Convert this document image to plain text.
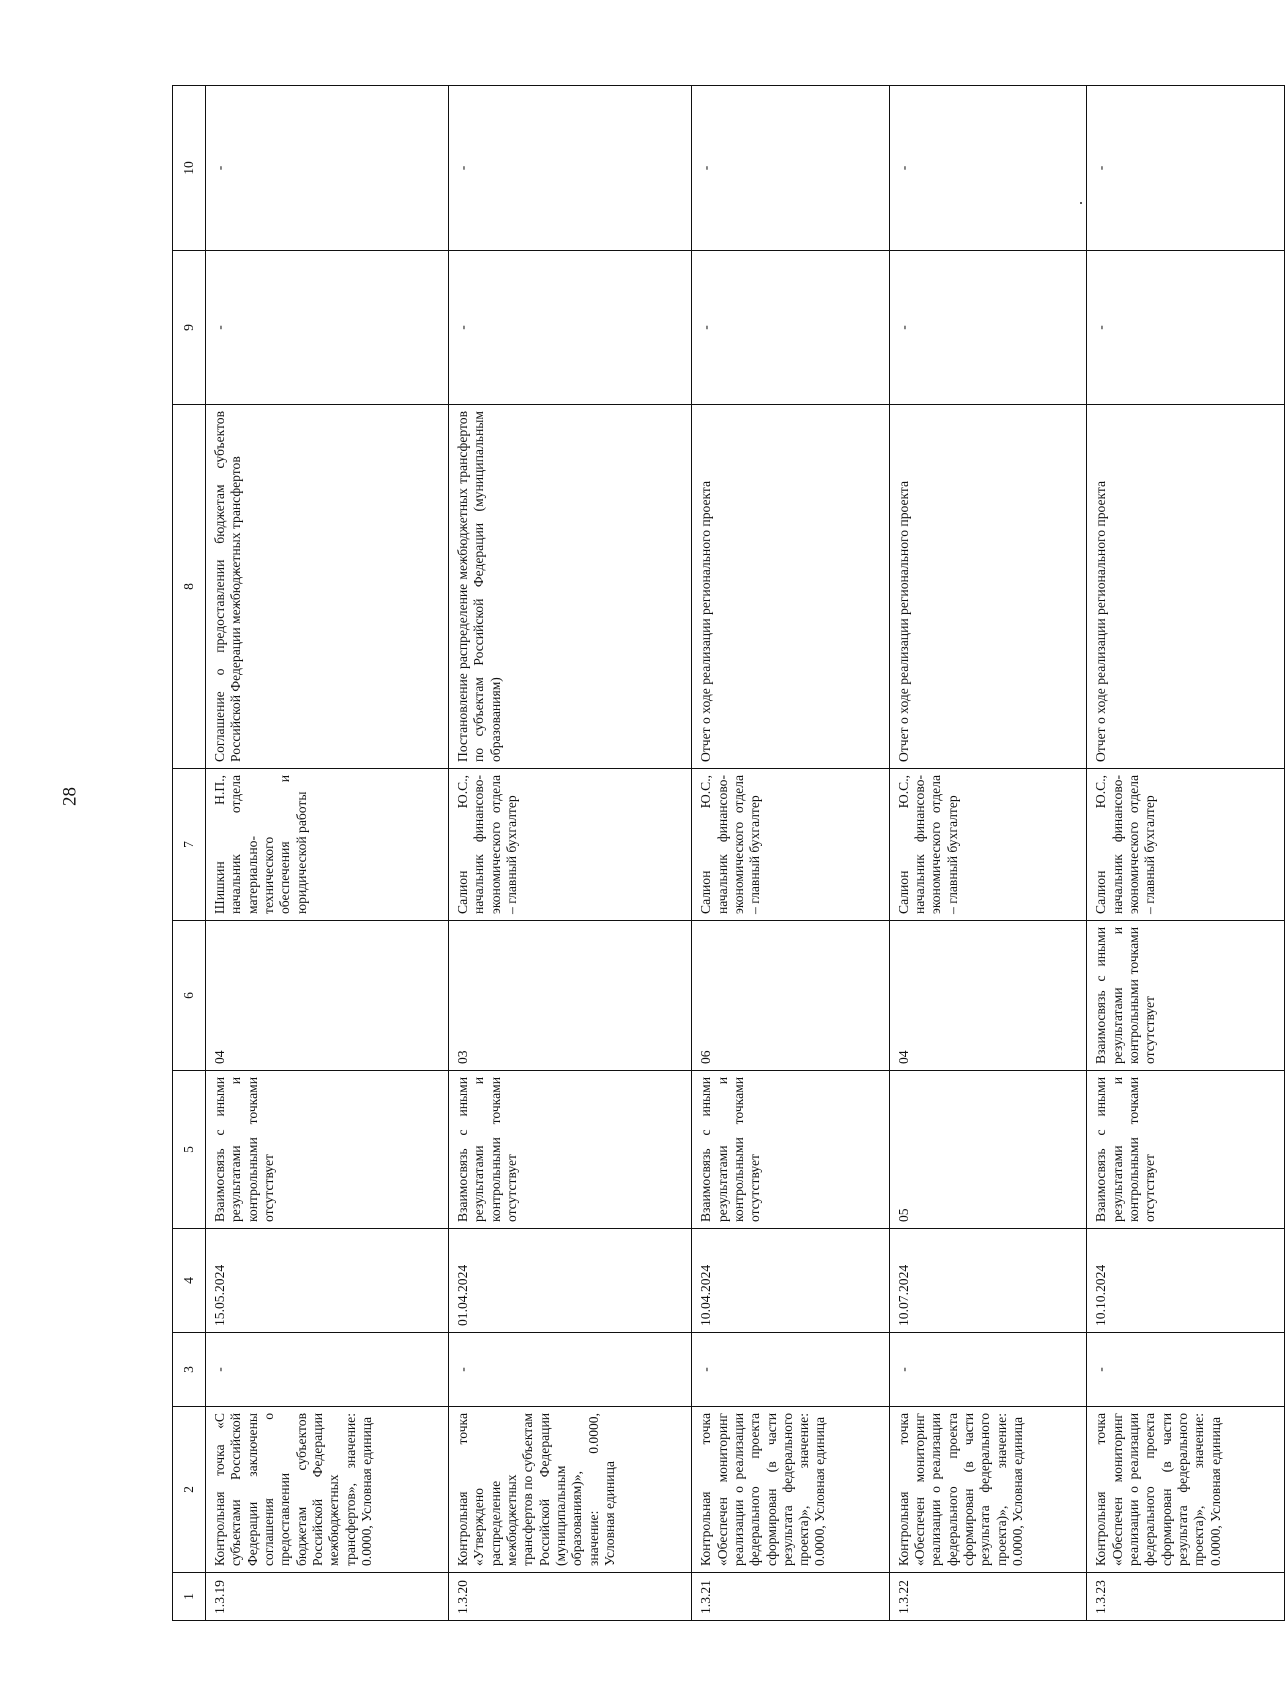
28
1	2	3	4	5	6	7	8	9	10
1.3.19	Контрольная точка «С субъектами Российской Федерации заключены соглашения о предоставлении бюджетам субъектов Российской Федерации межбюджетных трансфертов», значение: 0.0000, Условная единица	-	15.05.2024	Взаимосвязь с иными результатами и контрольными точками отсутствует	04	Шишкин Н.П., начальник отдела материально-технического обеспечения и юридической работы	Соглашение о предоставлении бюджетам субъектов Российской Федерации межбюджетных трансфертов	-	-
1.3.20	Контрольная точка «Утверждено распределение межбюджетных трансфертов по субъектам Российской Федерации (муниципальным образованиям)», значение: 0.0000, Условная единица	-	01.04.2024	Взаимосвязь с иными результатами и контрольными точками отсутствует	03	Салион Ю.С., начальник финансово-экономического отдела – главный бухгалтер	Постановление распределение межбюджетных трансфертов по субъектам Российской Федерации (муниципальным образованиям)	-	-
1.3.21	Контрольная точка «Обеспечен мониторинг реализации о реализации федерального проекта сформирован (в части результата федерального проекта)», значение: 0.0000, Условная единица	-	10.04.2024	Взаимосвязь с иными результатами и контрольными точками отсутствует	06	Салион Ю.С., начальник финансово-экономического отдела – главный бухгалтер	Отчет о ходе реализации регионального проекта	-	-
1.3.22	Контрольная точка «Обеспечен мониторинг реализации о реализации федерального проекта сформирован (в части результата федерального проекта)», значение: 0.0000, Условная единица	-	10.07.2024	05	04	Салион Ю.С., начальник финансово-экономического отдела – главный бухгалтер	Отчет о ходе реализации регионального проекта	-	-
1.3.23	Контрольная точка «Обеспечен мониторинг реализации о реализации федерального проекта сформирован (в части результата федерального проекта)», значение: 0.0000, Условная единица	-	10.10.2024	Взаимосвязь с иными результатами и контрольными точками отсутствует	Взаимосвязь с иными результатами и контрольными точками отсутствует	Салион Ю.С., начальник финансово-экономического отдела – главный бухгалтер	Отчет о ходе реализации регионального проекта	-	-
